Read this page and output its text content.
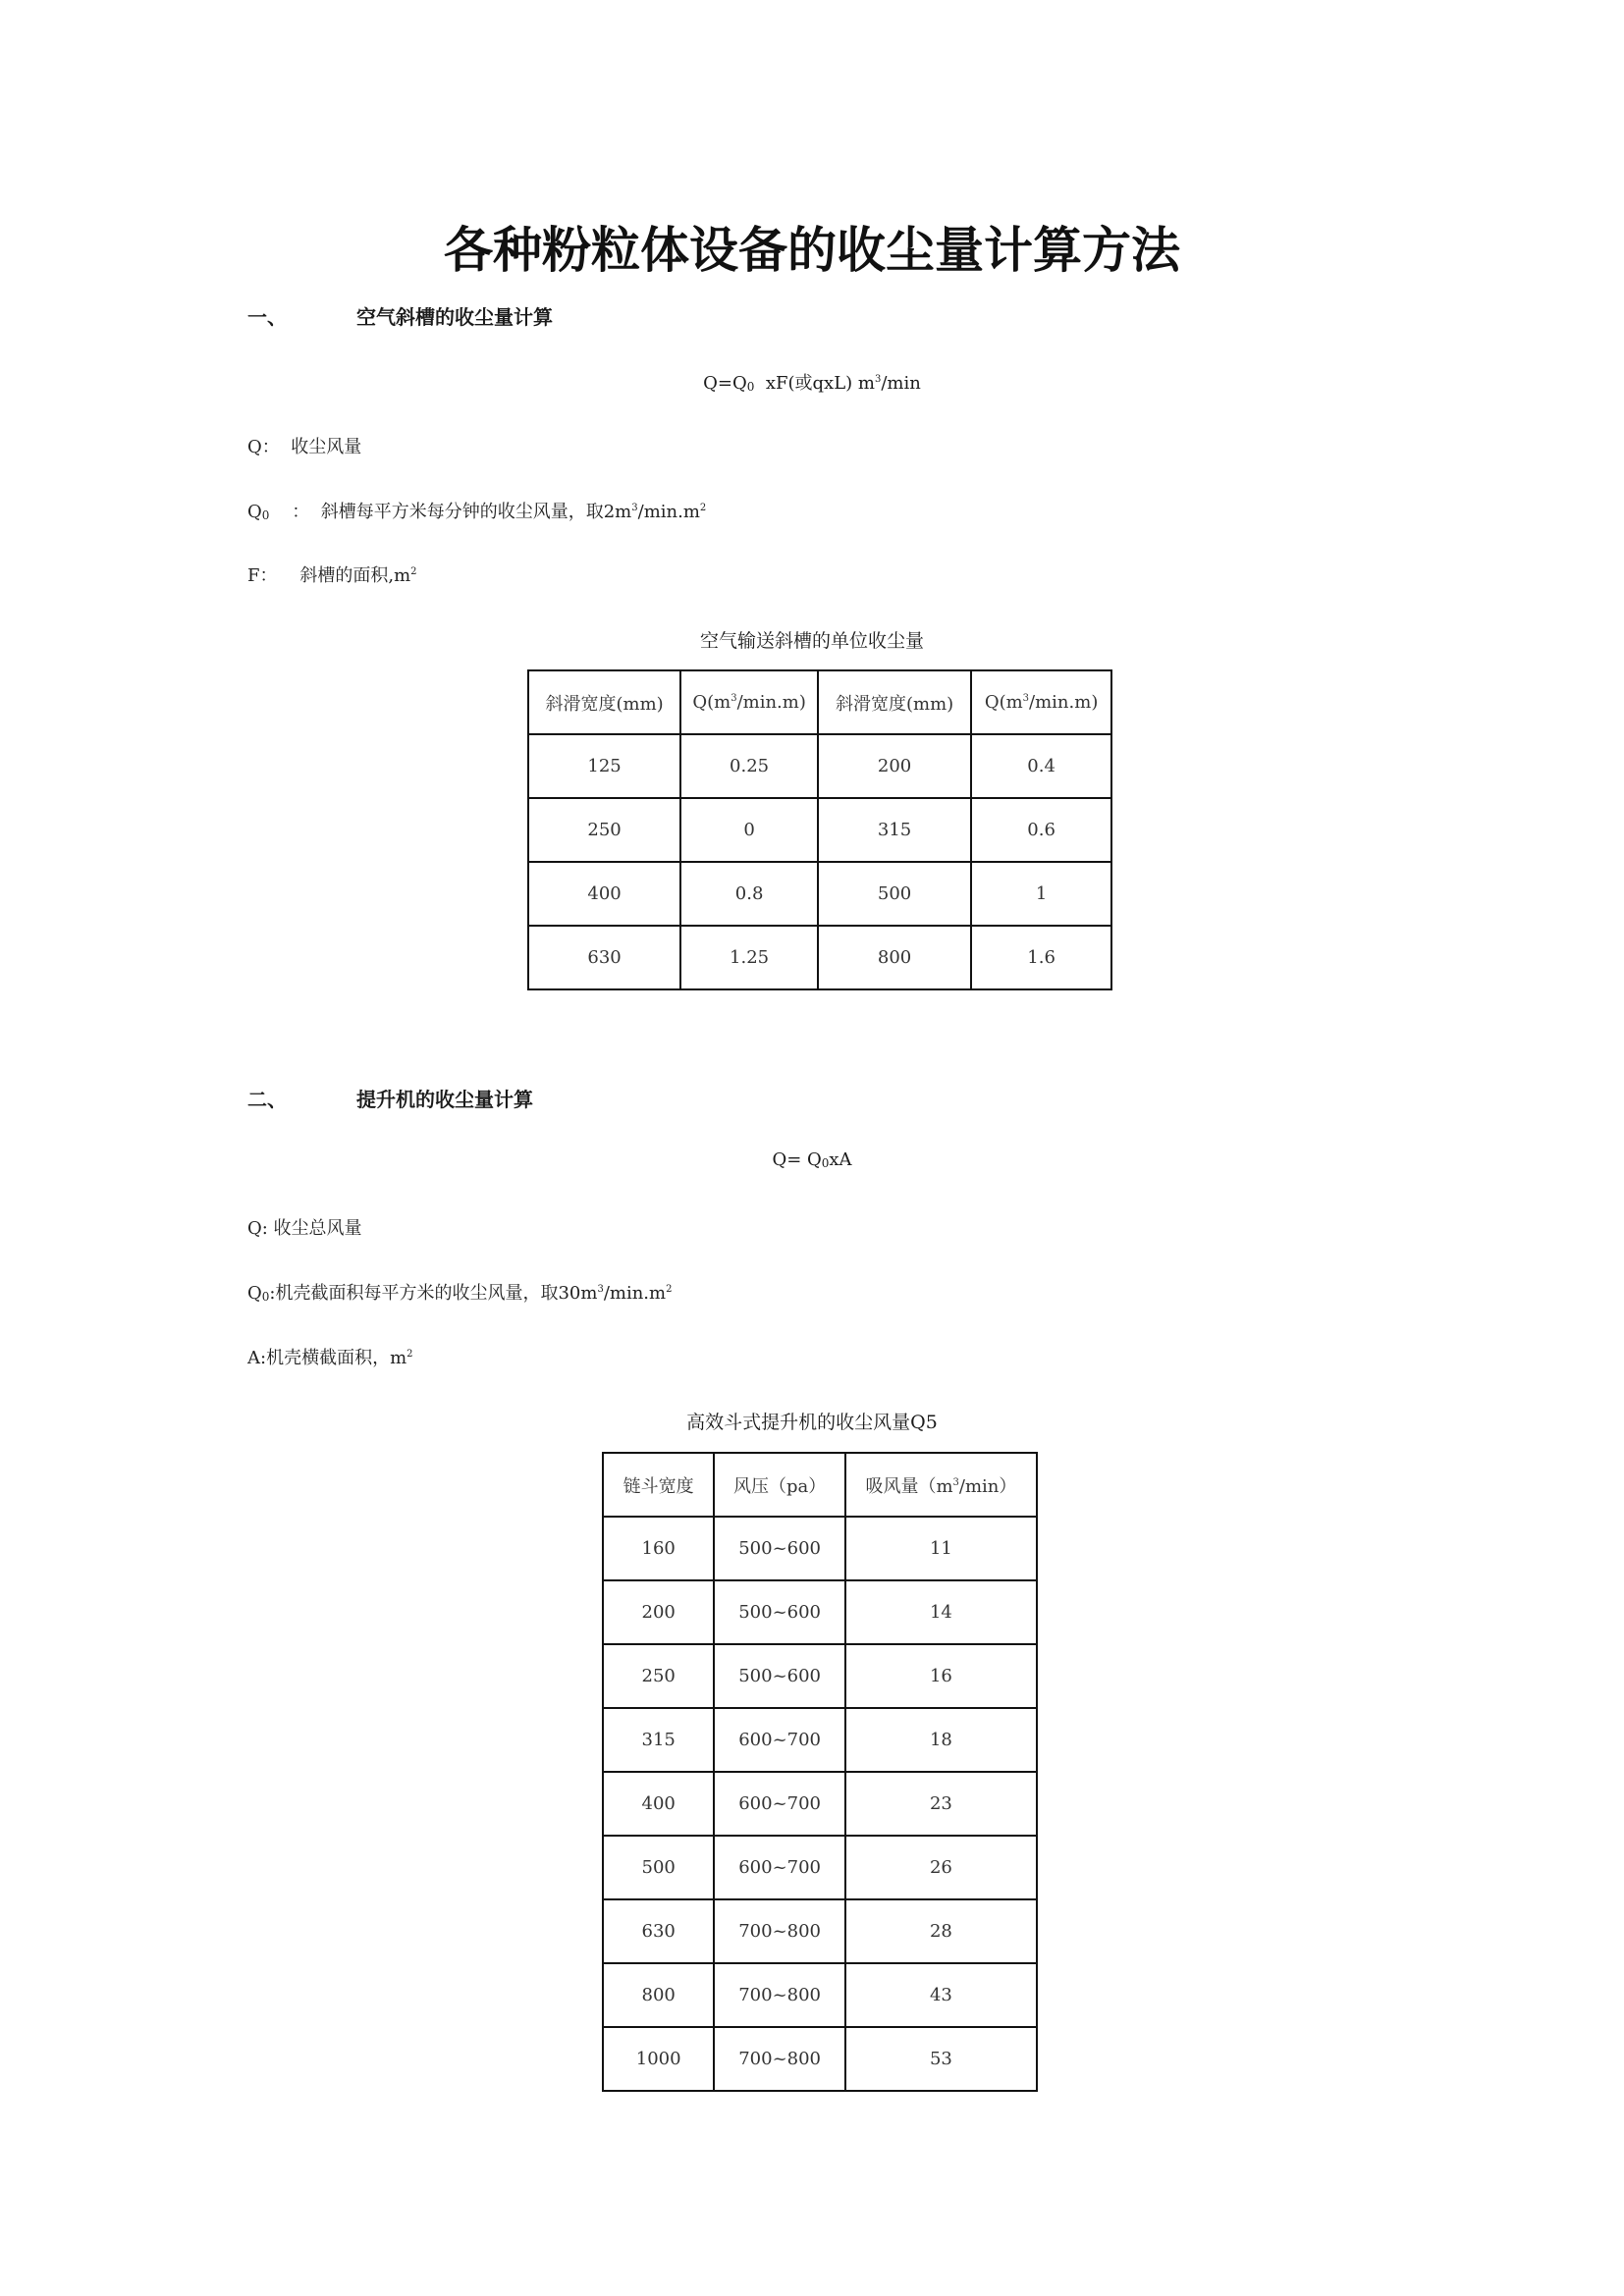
各种粉粒体设备的收尘量计算方法
一、	空气斜槽的收尘量计算
$Q=Q_0$  xF(或qxL) $m^3/\min$
Q：  收尘风量
$Q_0$    ：  斜槽每平方米每分钟的收尘风量，取$2m^3/\min.m^2$
F：    斜槽的面积$,m^2$
空气输送斜槽的单位收尘量
斜滑宽度(mm)	$Q(m^3/\min.m)$	斜滑宽度(mm)	$Q(m^3/\min.m)$
125	0.25	200	0.4
250	0	315	0.6
400	0.8	500	1
630	1.25	800	1.6
二、	提升机的收尘量计算
$Q= Q_0xA$
Q: 收尘总风量
$Q_0$:机壳截面积每平方米的收尘风量，取$30m^3/\min.m^2$
A:机壳横截面积，$m^2$
高效斗式提升机的收尘风量Q5
链斗宽度	风压（pa）	吸风量$(m^3/\min)$
160	500~600	11
200	500~600	14
250	500~600	16
315	600~700	18
400	600~700	23
500	600~700	26
630	700~800	28
800	700~800	43
1000	700~800	53
